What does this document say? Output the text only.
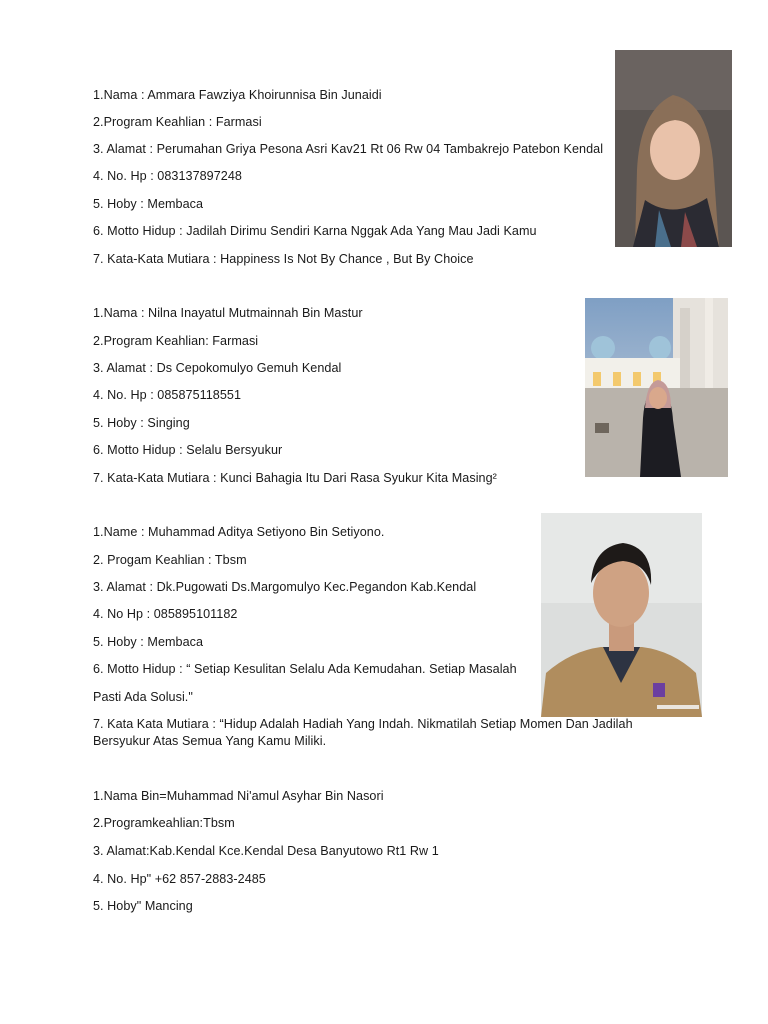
1.Nama : Ammara Fawziya Khoirunnisa Bin Junaidi
2.Program Keahlian : Farmasi
3. Alamat : Perumahan Griya Pesona Asri Kav21 Rt 06 Rw 04 Tambakrejo Patebon Kendal
4. No. Hp : 083137897248
5. Hoby : Membaca
6. Motto Hidup : Jadilah Dirimu Sendiri Karna Nggak Ada Yang Mau Jadi Kamu
7. Kata-Kata Mutiara : Happiness Is Not By Chance , But By Choice
1.Nama : Nilna Inayatul Mutmainnah Bin Mastur
2.Program Keahlian: Farmasi
3. Alamat : Ds Cepokomulyo Gemuh Kendal
4. No. Hp : 085875118551
5. Hoby : Singing
6. Motto Hidup : Selalu Bersyukur
7. Kata-Kata Mutiara : Kunci Bahagia Itu Dari Rasa Syukur Kita Masing²
1.Name : Muhammad Aditya Setiyono Bin Setiyono.
2. Progam Keahlian : Tbsm
3. Alamat : Dk.Pugowati Ds.Margomulyo Kec.Pegandon Kab.Kendal
4. No Hp : 085895101182
5. Hoby : Membaca
6. Motto Hidup : “ Setiap Kesulitan Selalu Ada Kemudahan. Setiap Masalah
Pasti Ada Solusi."
7. Kata Kata Mutiara : “Hidup Adalah Hadiah Yang Indah. Nikmatilah Setiap Momen Dan Jadilah Bersyukur Atas Semua Yang Kamu Miliki.
1.Nama Bin=Muhammad Ni'amul Asyhar Bin Nasori
2.Programkeahlian:Tbsm
3. Alamat:Kab.Kendal Kce.Kendal Desa Banyutowo Rt1 Rw 1
4. No. Hp" +62 857-2883-2485
5. Hoby" Mancing
